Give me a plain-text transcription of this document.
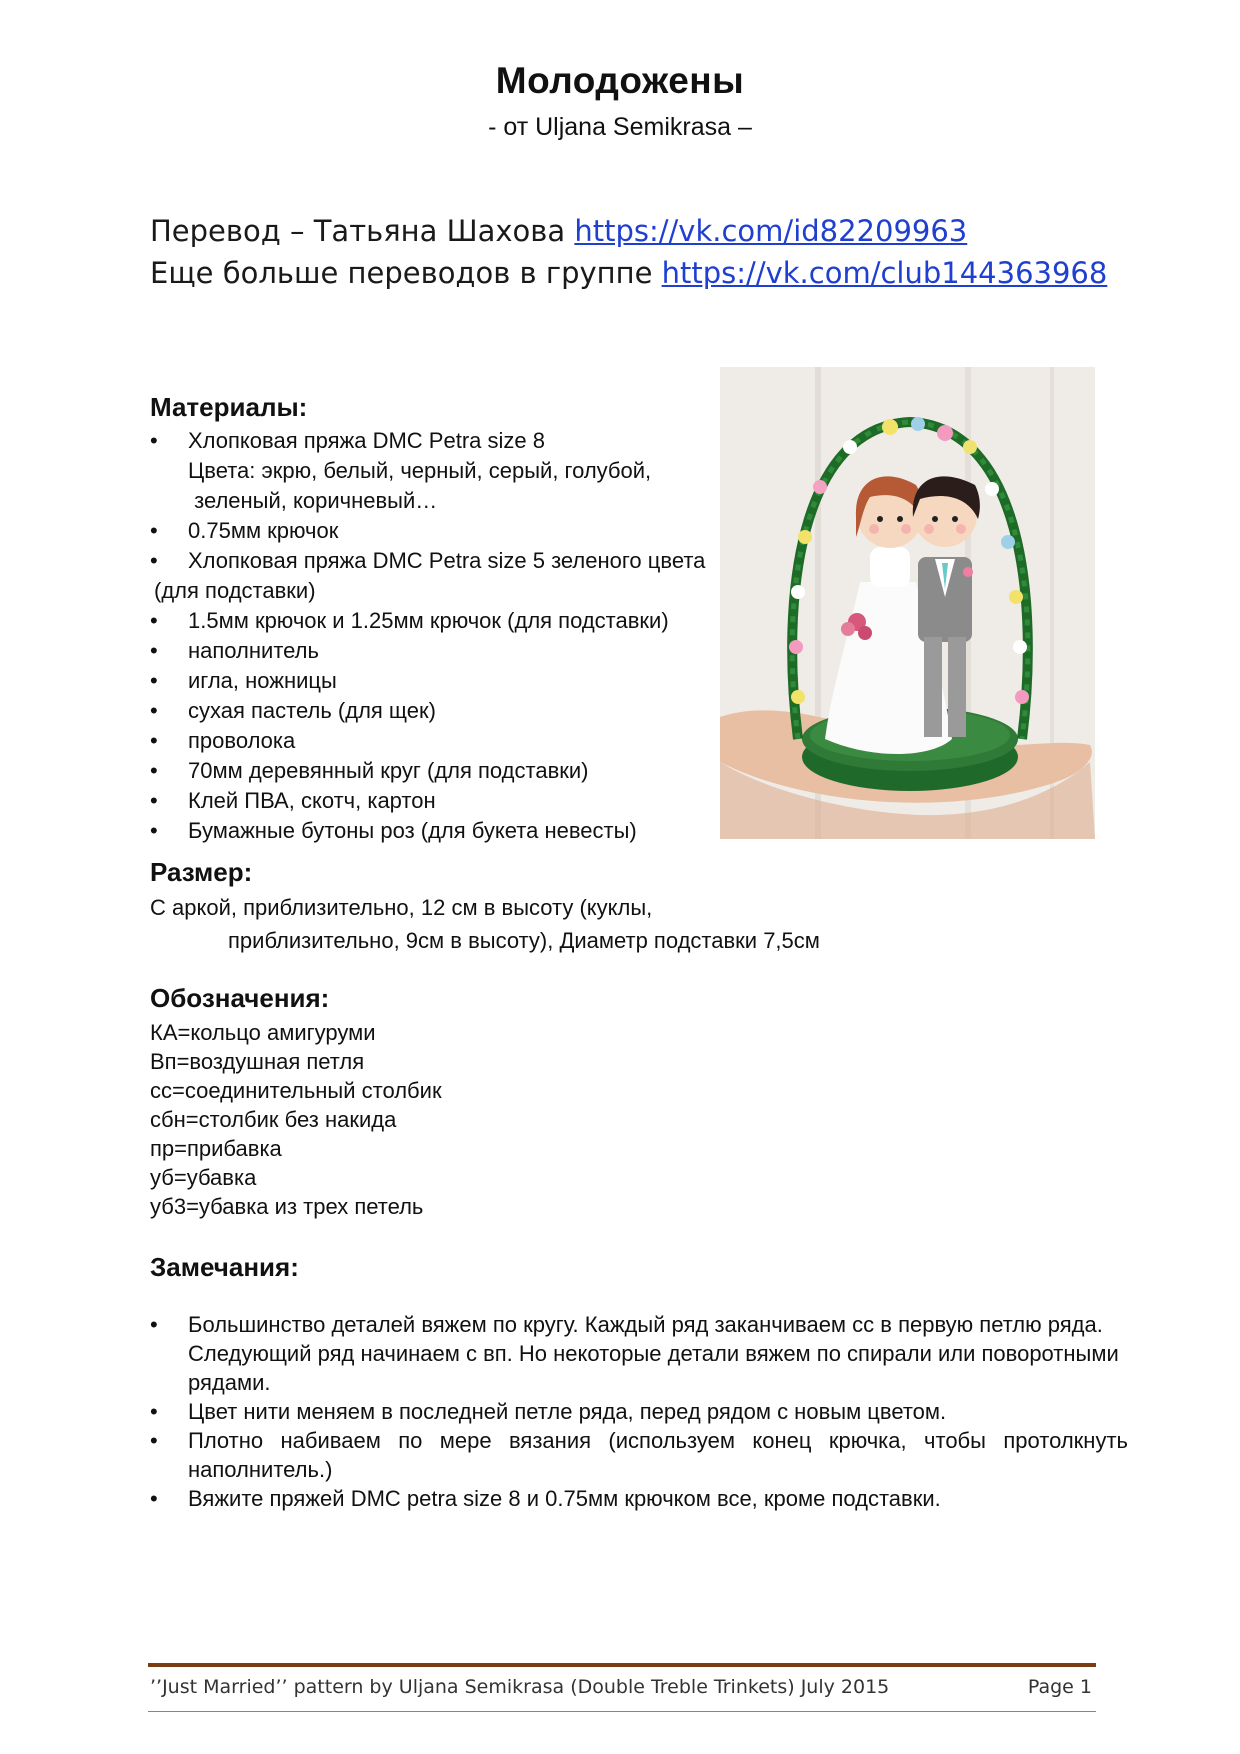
Молодожены
- от Uljana Semikrasa –
Перевод – Татьяна Шахова https://vk.com/id82209963
Еще больше переводов в группе https://vk.com/club144363968
Материалы:
• Хлопковая пряжа DMC Petra size 8
Цвета: экрю, белый, черный, серый, голубой,
зеленый, коричневый…
• 0.75мм крючок
• Хлопковая пряжа DMC Petra size 5 зеленого цвета
(для подставки)
• 1.5мм крючок и 1.25мм крючок (для подставки)
• наполнитель
• игла, ножницы
• сухая пастель (для щек)
• проволока
• 70мм деревянный круг (для подставки)
• Клей ПВА, скотч, картон
• Бумажные бутоны роз (для букета невесты)
Размер:
С аркой, приблизительно, 12 см в высоту (куклы,
приблизительно, 9см в высоту), Диаметр подставки 7,5см
Обозначения:
КА=кольцо амигуруми
Вп=воздушная петля
сс=соединительный столбик
сбн=столбик без накида
пр=прибавка
уб=убавка
уб3=убавка из трех петель
Замечания:
• Большинство деталей вяжем по кругу. Каждый ряд заканчиваем сс в первую петлю ряда. Следующий ряд начинаем с вп. Но некоторые детали вяжем по спирали или поворотными рядами.
• Цвет нити меняем в последней петле ряда, перед рядом с новым цветом.
• Плотно набиваем по мере вязания (используем конец крючка, чтобы протолкнуть наполнитель.)
• Вяжите пряжей DMC petra size 8 и 0.75мм крючком все, кроме подставки.
’’Just Married’’ pattern by Uljana Semikrasa (Double Treble Trinkets) July 2015	Page 1
